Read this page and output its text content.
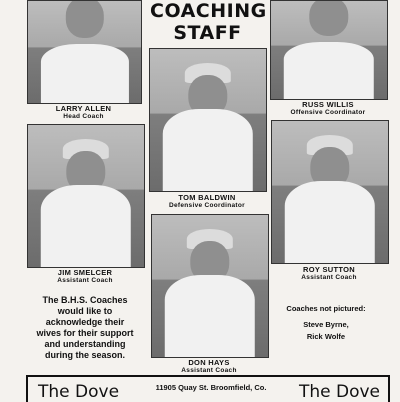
COACHING
STAFF
LARRY ALLEN
Head Coach
RUSS WILLIS
Offensive Coordinator
TOM BALDWIN
Defensive Coordinator
JIM SMELCER
Assistant Coach
ROY SUTTON
Assistant Coach
DON HAYS
Assistant Coach
The B.H.S. Coaches would like to acknowledge their wives for their support and understanding during the season.
Coaches not pictured:
Steve Byrne,
Rick Wolfe
The Dove	11905 Quay St. Broomfield, Co.	The Dove
